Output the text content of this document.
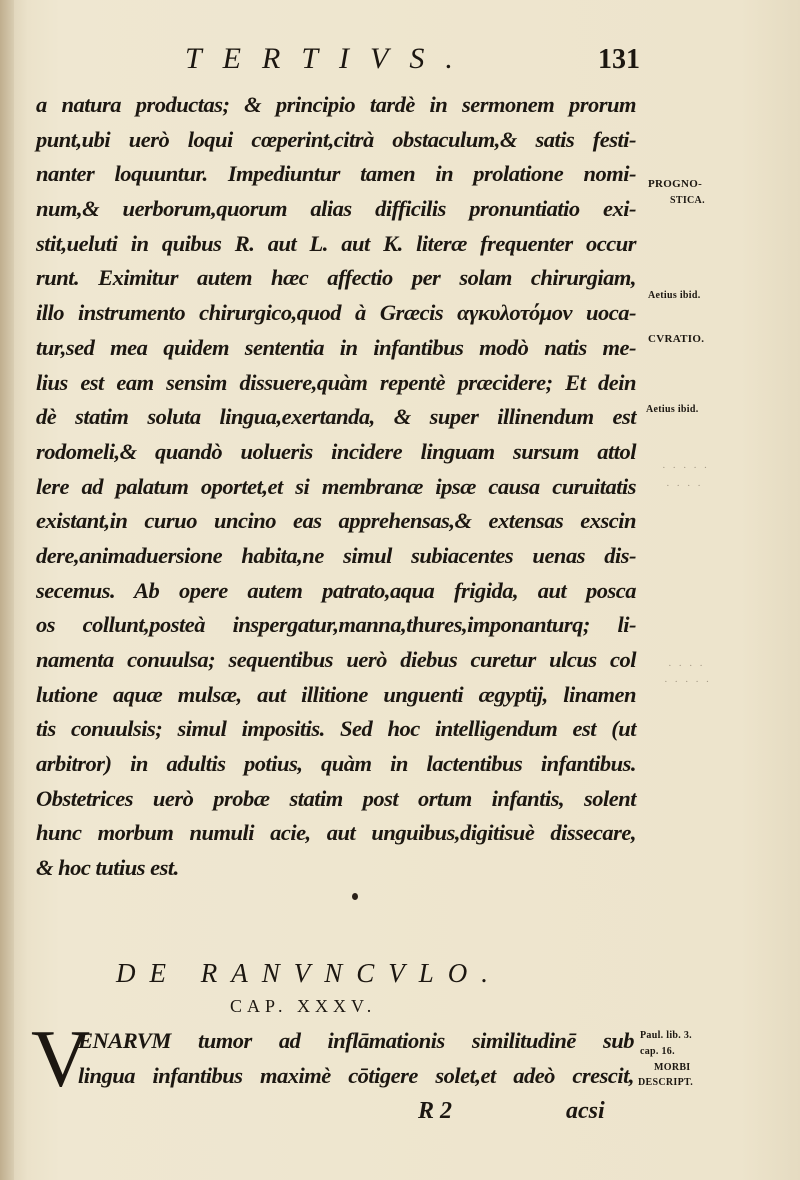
TERTIVS.	131
a natura productas; & principio tardè in sermonem prorum
punt,ubi uerò loqui cœperint,citrà obstaculum,& satis festi-
nanter loquuntur. Impediuntur tamen in prolatione nomi-
num,& uerborum,quorum alias difficilis pronuntiatio exi-
stit,ueluti in quibus R. aut L. aut K. literæ frequenter occur
runt. Eximitur autem hæc affectio per solam chirurgiam,
illo instrumento chirurgico,quod à Græcis αγκυλοτόμον uoca-
tur,sed mea quidem sententia in infantibus modò natis me-
lius est eam sensim dissuere,quàm repentè præcidere; Et dein
dè statim soluta lingua,exertanda, & super illinendum est
rodomeli,& quandò uolueris incidere linguam sursum attol
lere ad palatum oportet,et si membranæ ipsæ causa curuitatis
existant,in curuo uncino eas apprehensas,& extensas exscin
dere,animaduersione habita,ne simul subiacentes uenas dis-
secemus. Ab opere autem patrato,aqua frigida, aut posca
os collunt,posteà inspergatur,manna,thures,imponanturq; li-
namenta conuulsa; sequentibus uerò diebus curetur ulcus col
lutione aquæ mulsæ, aut illitione unguenti ægyptij, linamen
tis conuulsis; simul impositis. Sed hoc intelligendum est (ut
arbitror) in adultis potius, quàm in lactentibus infantibus.
Obstetrices uerò probæ statim post ortum infantis, solent
hunc morbum numuli acie, aut unguibus,digitisuè dissecare,
& hoc tutius est.
PROGNO-
STICA.
Aetius ibid.
CVRATIO.
Aetius ibid.
· · · · ·
· · · ·
· · · ·
· · · · ·
DE RANVNCVLO.
CAP. XXXV.
V
ENARVM tumor ad inflāmationis similitudinē sub
lingua infantibus maximè cōtigere solet,et adeò crescit,
Paul. lib. 3.
cap. 16.
MORBI
DESCRIPT.
R 2	acsi
